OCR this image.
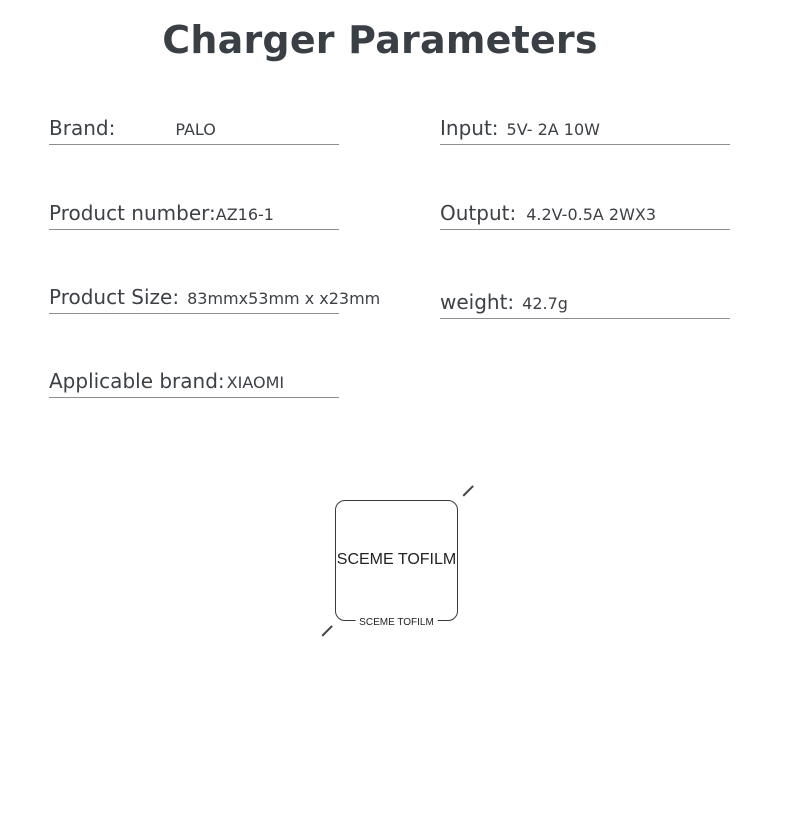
Charger Parameters
Brand:	PALO
Product number:AZ16-1
Product Size: 83mmx53mm x x23mm
Applicable brand: XIAOMI
Input: 5V- 2A 10W
Output: 4.2V-0.5A 2WX3
weight: 42.7g
SCEME TOFILM
SCEME TOFILM
